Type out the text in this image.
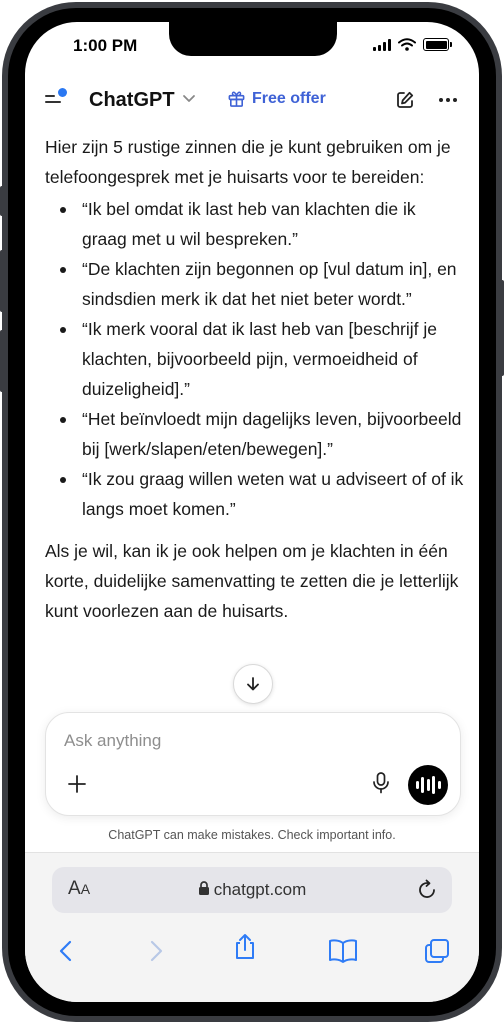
1:00 PM
ChatGPT	Free offer

Hier zijn 5 rustige zinnen die je kunt gebruiken om je telefoongesprek met je huisarts voor te bereiden:

“Ik bel omdat ik last heb van klachten die ik graag met u wil bespreken.”
“De klachten zijn begonnen op [vul datum in], en sindsdien merk ik dat het niet beter wordt.”
“Ik merk vooral dat ik last heb van [beschrijf je klachten, bijvoorbeeld pijn, vermoeidheid of duizeligheid].”
“Het beïnvloedt mijn dagelijks leven, bijvoorbeeld bij [werk/slapen/eten/bewegen].”
“Ik zou graag willen weten wat u adviseert of of ik langs moet komen.”

Als je wil, kan ik je ook helpen om je klachten in één korte, duidelijke samenvatting te zetten die je letterlijk kunt voorlezen aan de huisarts.

Ask anything
ChatGPT can make mistakes. Check important info.
AA	chatgpt.com
